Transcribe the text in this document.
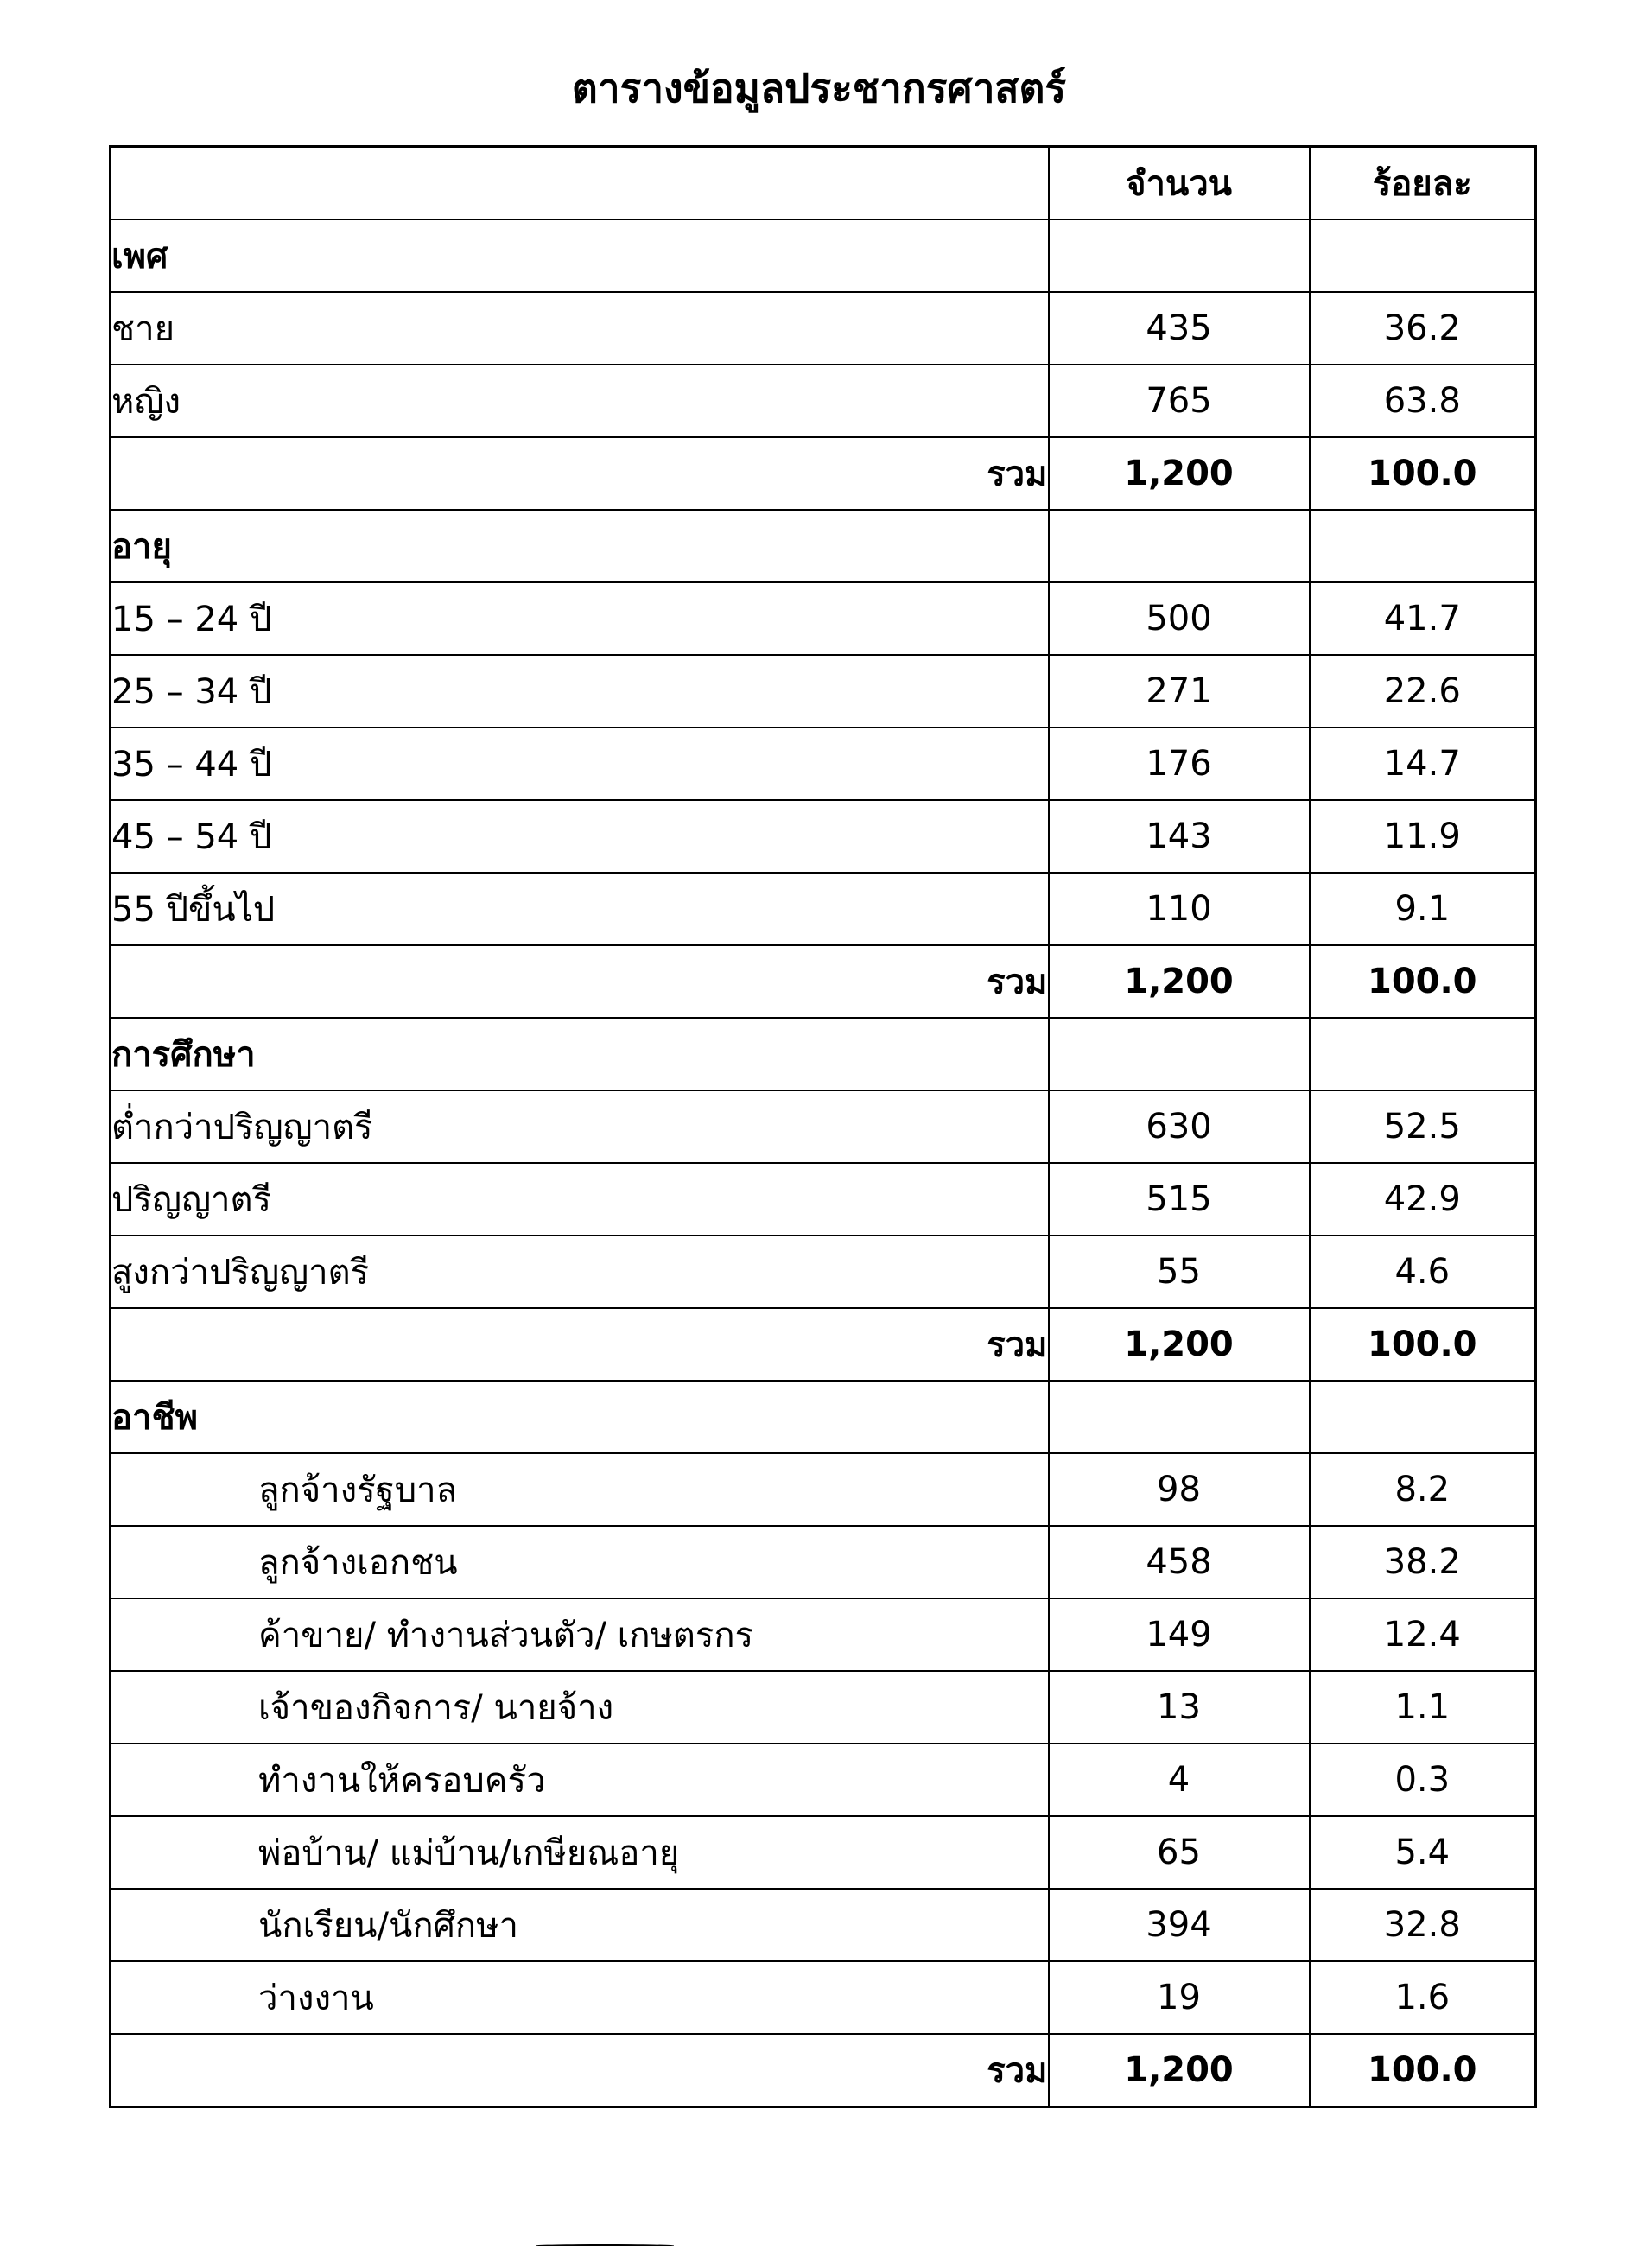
ตารางข้อมูลประชากรศาสตร์
	จำนวน	ร้อยละ
เพศ		
ชาย	435	36.2
หญิง	765	63.8
รวม	1,200	100.0
อายุ		
15 – 24 ปี	500	41.7
25 – 34 ปี	271	22.6
35 – 44 ปี	176	14.7
45 – 54 ปี	143	11.9
55 ปีขึ้นไป	110	9.1
รวม	1,200	100.0
การศึกษา		
ต่ำกว่าปริญญาตรี	630	52.5
ปริญญาตรี	515	42.9
สูงกว่าปริญญาตรี	55	4.6
รวม	1,200	100.0
อาชีพ		
ลูกจ้างรัฐบาล	98	8.2
ลูกจ้างเอกชน	458	38.2
ค้าขาย/ ทำงานส่วนตัว/ เกษตรกร	149	12.4
เจ้าของกิจการ/ นายจ้าง	13	1.1
ทำงานให้ครอบครัว	4	0.3
พ่อบ้าน/ แม่บ้าน/เกษียณอายุ	65	5.4
นักเรียน/นักศึกษา	394	32.8
ว่างงาน	19	1.6
รวม	1,200	100.0
